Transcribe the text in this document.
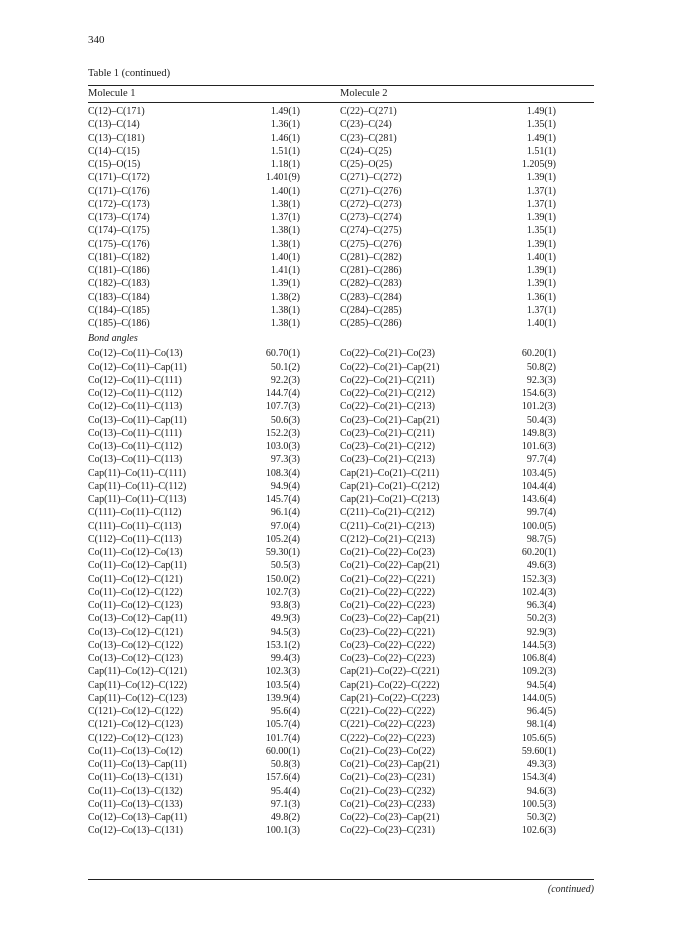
340
Table 1 (continued)
Molecule 1	Molecule 2
C(12)–C(171)	1.49(1)	C(22)–C(271)	1.49(1)
C(13)–C(14)	1.36(1)	C(23)–C(24)	1.35(1)
C(13)–C(181)	1.46(1)	C(23)–C(281)	1.49(1)
C(14)–C(15)	1.51(1)	C(24)–C(25)	1.51(1)
C(15)–O(15)	1.18(1)	C(25)–O(25)	1.205(9)
C(171)–C(172)	1.401(9)	C(271)–C(272)	1.39(1)
C(171)–C(176)	1.40(1)	C(271)–C(276)	1.37(1)
C(172)–C(173)	1.38(1)	C(272)–C(273)	1.37(1)
C(173)–C(174)	1.37(1)	C(273)–C(274)	1.39(1)
C(174)–C(175)	1.38(1)	C(274)–C(275)	1.35(1)
C(175)–C(176)	1.38(1)	C(275)–C(276)	1.39(1)
C(181)–C(182)	1.40(1)	C(281)–C(282)	1.40(1)
C(181)–C(186)	1.41(1)	C(281)–C(286)	1.39(1)
C(182)–C(183)	1.39(1)	C(282)–C(283)	1.39(1)
C(183)–C(184)	1.38(2)	C(283)–C(284)	1.36(1)
C(184)–C(185)	1.38(1)	C(284)–C(285)	1.37(1)
C(185)–C(186)	1.38(1)	C(285)–C(286)	1.40(1)
Bond angles
Co(12)–Co(11)–Co(13)	60.70(1)	Co(22)–Co(21)–Co(23)	60.20(1)
Co(12)–Co(11)–Cap(11)	50.1(2)	Co(22)–Co(21)–Cap(21)	50.8(2)
Co(12)–Co(11)–C(111)	92.2(3)	Co(22)–Co(21)–C(211)	92.3(3)
Co(12)–Co(11)–C(112)	144.7(4)	Co(22)–Co(21)–C(212)	154.6(3)
Co(12)–Co(11)–C(113)	107.7(3)	Co(22)–Co(21)–C(213)	101.2(3)
Co(13)–Co(11)–Cap(11)	50.6(3)	Co(23)–Co(21)–Cap(21)	50.4(3)
Co(13)–Co(11)–C(111)	152.2(3)	Co(23)–Co(21)–C(211)	149.8(3)
Co(13)–Co(11)–C(112)	103.0(3)	Co(23)–Co(21)–C(212)	101.6(3)
Co(13)–Co(11)–C(113)	97.3(3)	Co(23)–Co(21)–C(213)	97.7(4)
Cap(11)–Co(11)–C(111)	108.3(4)	Cap(21)–Co(21)–C(211)	103.4(5)
Cap(11)–Co(11)–C(112)	94.9(4)	Cap(21)–Co(21)–C(212)	104.4(4)
Cap(11)–Co(11)–C(113)	145.7(4)	Cap(21)–Co(21)–C(213)	143.6(4)
C(111)–Co(11)–C(112)	96.1(4)	C(211)–Co(21)–C(212)	99.7(4)
C(111)–Co(11)–C(113)	97.0(4)	C(211)–Co(21)–C(213)	100.0(5)
C(112)–Co(11)–C(113)	105.2(4)	C(212)–Co(21)–C(213)	98.7(5)
Co(11)–Co(12)–Co(13)	59.30(1)	Co(21)–Co(22)–Co(23)	60.20(1)
Co(11)–Co(12)–Cap(11)	50.5(3)	Co(21)–Co(22)–Cap(21)	49.6(3)
Co(11)–Co(12)–C(121)	150.0(2)	Co(21)–Co(22)–C(221)	152.3(3)
Co(11)–Co(12)–C(122)	102.7(3)	Co(21)–Co(22)–C(222)	102.4(3)
Co(11)–Co(12)–C(123)	93.8(3)	Co(21)–Co(22)–C(223)	96.3(4)
Co(13)–Co(12)–Cap(11)	49.9(3)	Co(23)–Co(22)–Cap(21)	50.2(3)
Co(13)–Co(12)–C(121)	94.5(3)	Co(23)–Co(22)–C(221)	92.9(3)
Co(13)–Co(12)–C(122)	153.1(2)	Co(23)–Co(22)–C(222)	144.5(3)
Co(13)–Co(12)–C(123)	99.4(3)	Co(23)–Co(22)–C(223)	106.8(4)
Cap(11)–Co(12)–C(121)	102.3(3)	Cap(21)–Co(22)–C(221)	109.2(3)
Cap(11)–Co(12)–C(122)	103.5(4)	Cap(21)–Co(22)–C(222)	94.5(4)
Cap(11)–Co(12)–C(123)	139.9(4)	Cap(21)–Co(22)–C(223)	144.0(5)
C(121)–Co(12)–C(122)	95.6(4)	C(221)–Co(22)–C(222)	96.4(5)
C(121)–Co(12)–C(123)	105.7(4)	C(221)–Co(22)–C(223)	98.1(4)
C(122)–Co(12)–C(123)	101.7(4)	C(222)–Co(22)–C(223)	105.6(5)
Co(11)–Co(13)–Co(12)	60.00(1)	Co(21)–Co(23)–Co(22)	59.60(1)
Co(11)–Co(13)–Cap(11)	50.8(3)	Co(21)–Co(23)–Cap(21)	49.3(3)
Co(11)–Co(13)–C(131)	157.6(4)	Co(21)–Co(23)–C(231)	154.3(4)
Co(11)–Co(13)–C(132)	95.4(4)	Co(21)–Co(23)–C(232)	94.6(3)
Co(11)–Co(13)–C(133)	97.1(3)	Co(21)–Co(23)–C(233)	100.5(3)
Co(12)–Co(13)–Cap(11)	49.8(2)	Co(22)–Co(23)–Cap(21)	50.3(2)
Co(12)–Co(13)–C(131)	100.1(3)	Co(22)–Co(23)–C(231)	102.6(3)
(continued)
